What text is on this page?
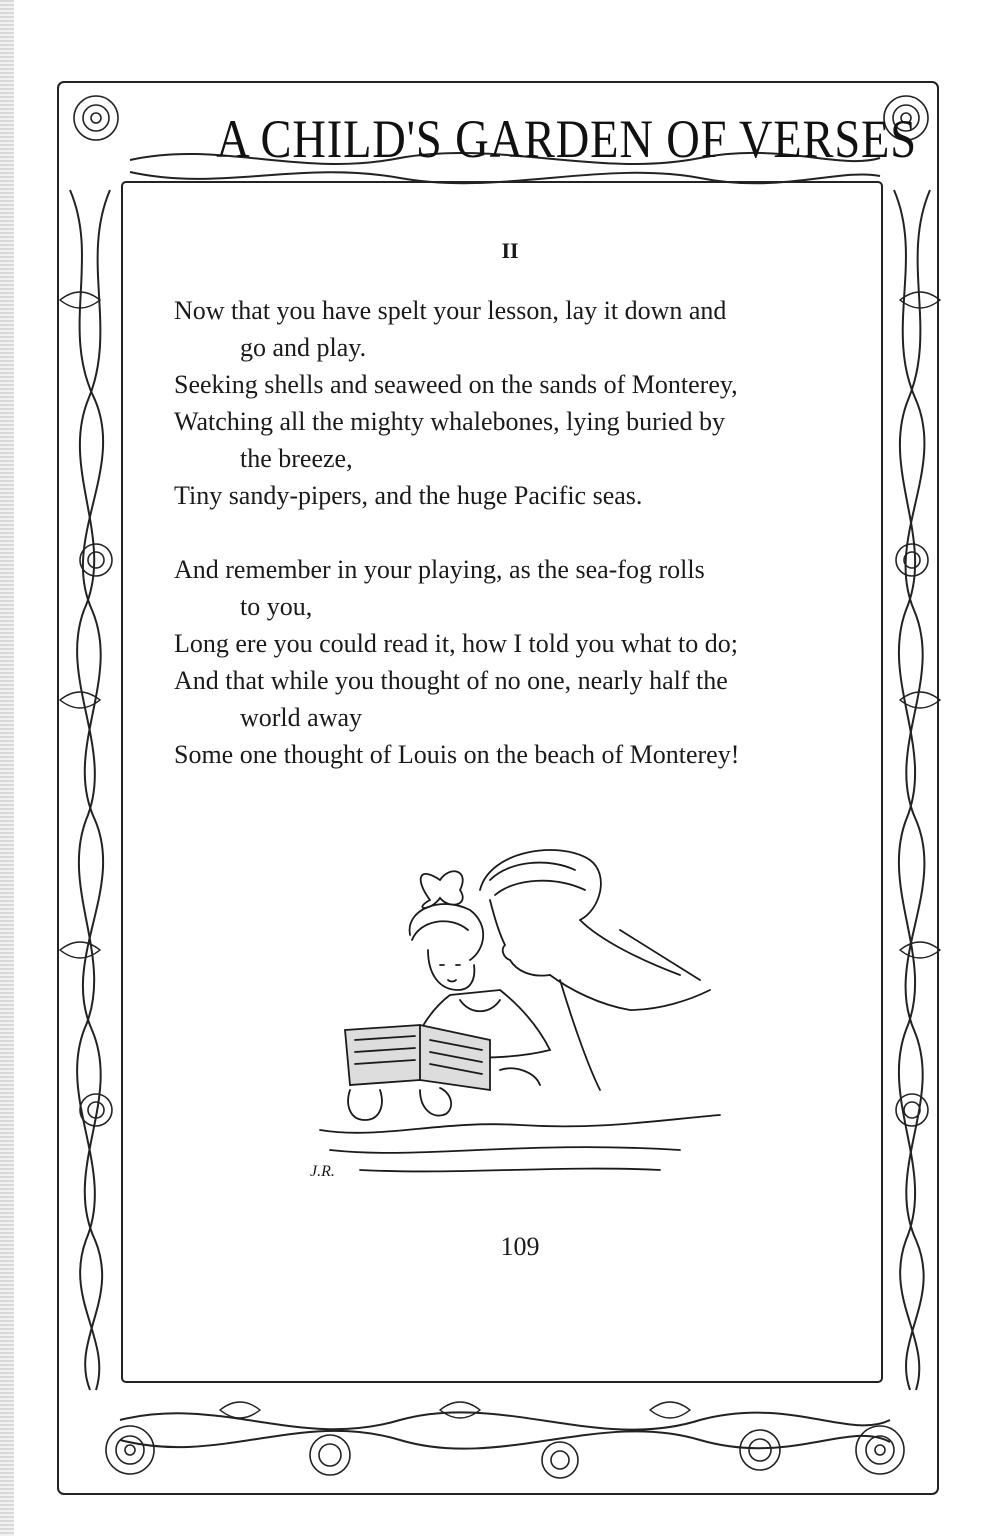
A CHILD'S GARDEN OF VERSES
II
Now that you have spelt your lesson, lay it down and
go and play.
Seeking shells and seaweed on the sands of Monterey,
Watching all the mighty whalebones, lying buried by
the breeze,
Tiny sandy-pipers, and the huge Pacific seas.
And remember in your playing, as the sea-fog rolls
to you,
Long ere you could read it, how I told you what to do;
And that while you thought of no one, nearly half the
world away
Some one thought of Louis on the beach of Monterey!
J.R.
109
